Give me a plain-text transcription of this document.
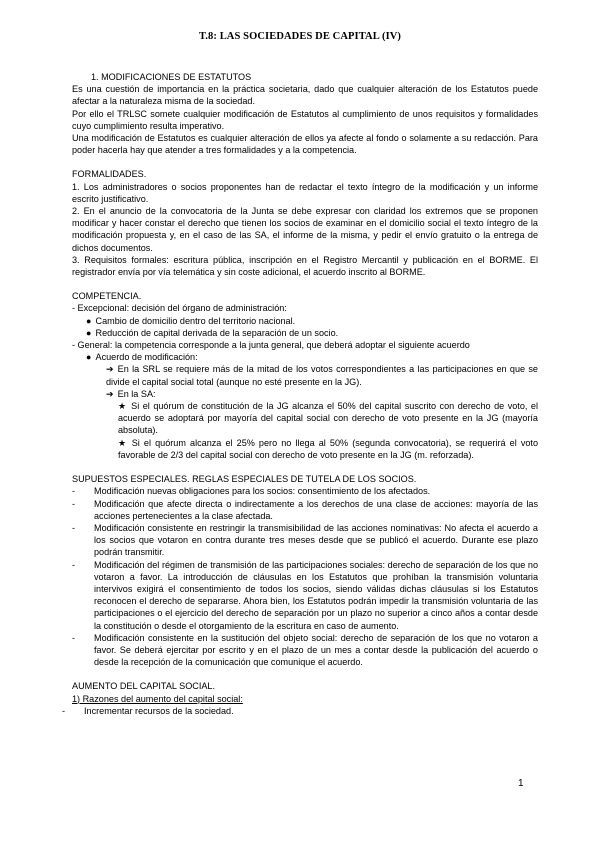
T.8: LAS SOCIEDADES DE CAPITAL (IV)

1. MODIFICACIONES DE ESTATUTOS

Es una cuestión de importancia en la práctica societaria, dado que cualquier alteración de los Estatutos puede afectar a la naturaleza misma de la sociedad.

Por ello el TRLSC somete cualquier modificación de Estatutos al cumplimiento de unos requisitos y formalidades cuyo cumplimiento resulta imperativo.

Una modificación de Estatutos es cualquier alteración de ellos ya afecte al fondo o solamente a su redacción. Para poder hacerla hay que atender a tres formalidades y a la competencia.

FORMALIDADES.

1. Los administradores o socios proponentes han de redactar el texto íntegro de la modificación y un informe escrito justificativo.

2. En el anuncio de la convocatoria de la Junta se debe expresar con claridad los extremos que se proponen modificar y hacer constar el derecho que tienen los socios de examinar en el domicilio social el texto íntegro de la modificación propuesta y, en el caso de las SA, el informe de la misma, y pedir el envío gratuito o la entrega de dichos documentos.

3. Requisitos formales: escritura pública, inscripción en el Registro Mercantil y publicación en el BORME. El registrador envía por vía telemática y sin coste adicional, el acuerdo inscrito al BORME.

COMPETENCIA.

- Excepcional: decisión del órgano de administración:

● Cambio de domicilio dentro del territorio nacional.

● Reducción de capital derivada de la separación de un socio.

- General: la competencia corresponde a la junta general, que deberá adoptar el siguiente acuerdo

● Acuerdo de modificación:

➔ En la SRL se requiere más de la mitad de los votos correspondientes a las participaciones en que se divide el capital social total (aunque no esté presente en la JG).

➔ En la SA:

★ Si el quórum de constitución de la JG alcanza el 50% del capital suscrito con derecho de voto, el acuerdo se adoptará por mayoría del capital social con derecho de voto presente en la JG (mayoría absoluta).

★ Si el quórum alcanza el 25% pero no llega al 50% (segunda convocatoria), se requerirá el voto favorable de 2/3 del capital social con derecho de voto presente en la JG (m. reforzada).

SUPUESTOS ESPECIALES. REGLAS ESPECIALES DE TUTELA DE LOS SOCIOS.

- Modificación nuevas obligaciones para los socios: consentimiento de los afectados.
- Modificación que afecte directa o indirectamente a los derechos de una clase de acciones: mayoría de las acciones pertenecientes a la clase afectada.
- Modificación consistente en restringir la transmisibilidad de las acciones nominativas: No afecta el acuerdo a los socios que votaron en contra durante tres meses desde que se publicó el acuerdo. Durante ese plazo podrán transmitir.
- Modificación del régimen de transmisión de las participaciones sociales: derecho de separación de los que no votaron a favor. La introducción de cláusulas en los Estatutos que prohíban la transmisión voluntaria intervivos exigirá el consentimiento de todos los socios, siendo válidas dichas cláusulas si los Estatutos reconocen el derecho de separarse. Ahora bien, los Estatutos podrán impedir la transmisión voluntaria de las participaciones o el ejercicio del derecho de separación por un plazo no superior a cinco años a contar desde la constitución o desde el otorgamiento de la escritura en caso de aumento.
- Modificación consistente en la sustitución del objeto social: derecho de separación de los que no votaron a favor. Se deberá ejercitar por escrito y en el plazo de un mes a contar desde la publicación del acuerdo o desde la recepción de la comunicación que comunique el acuerdo.

AUMENTO DEL CAPITAL SOCIAL.

1) Razones del aumento del capital social:

- Incrementar recursos de la sociedad.
1
